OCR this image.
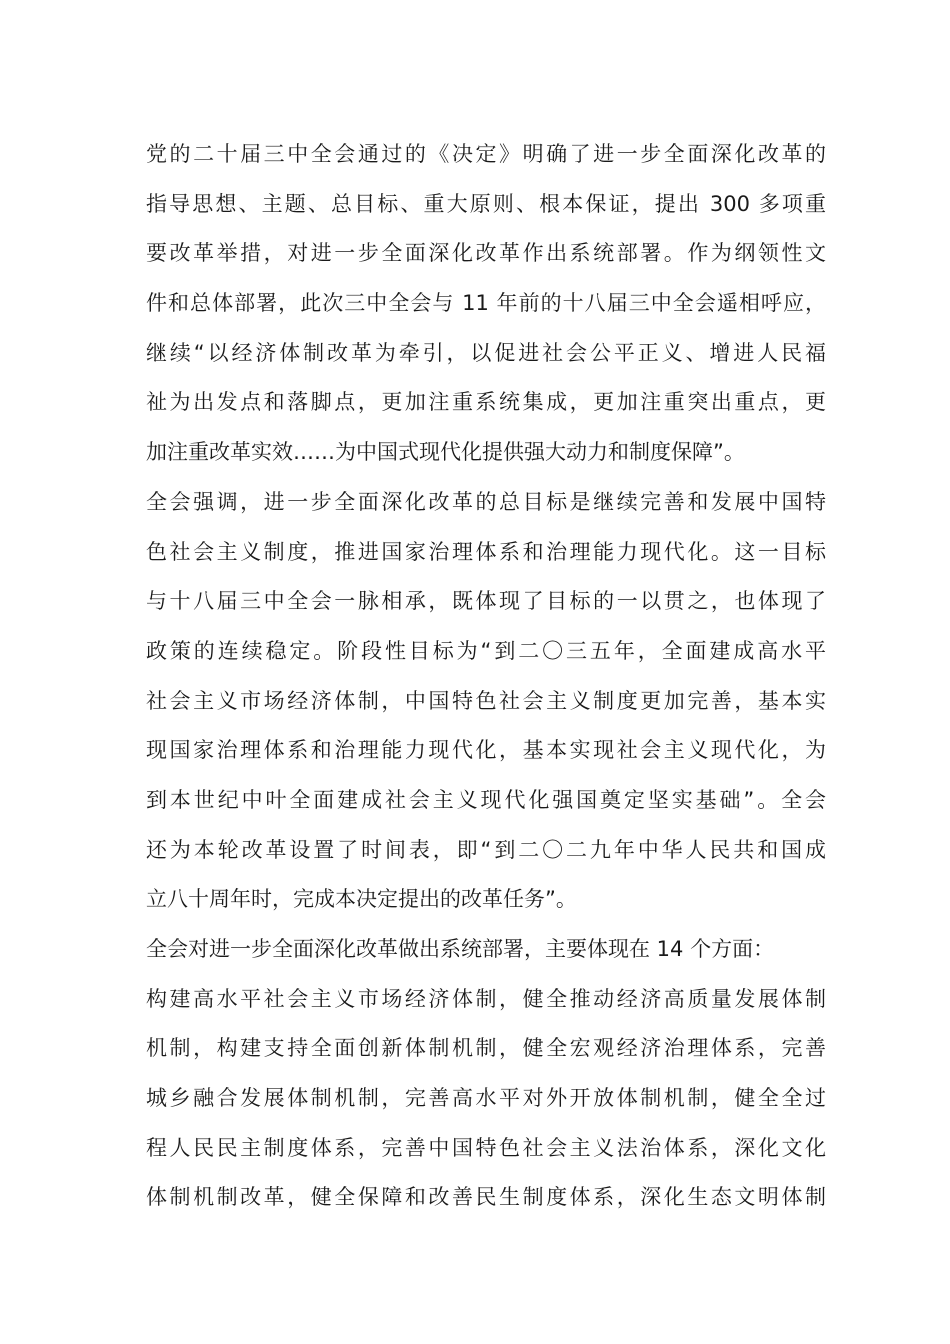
党的二十届三中全会通过的《决定》明确了进一步全面深化改革的
指导思想、主题、总目标、重大原则、根本保证，提出 300 多项重
要改革举措，对进一步全面深化改革作出系统部署。作为纲领性文
件和总体部署，此次三中全会与 11 年前的十八届三中全会遥相呼应，
继续“以经济体制改革为牵引，以促进社会公平正义、增进人民福
祉为出发点和落脚点，更加注重系统集成，更加注重突出重点，更
加注重改革实效……为中国式现代化提供强大动力和制度保障”。
全会强调，进一步全面深化改革的总目标是继续完善和发展中国特
色社会主义制度，推进国家治理体系和治理能力现代化。这一目标
与十八届三中全会一脉相承，既体现了目标的一以贯之，也体现了
政策的连续稳定。阶段性目标为“到二〇三五年，全面建成高水平
社会主义市场经济体制，中国特色社会主义制度更加完善，基本实
现国家治理体系和治理能力现代化，基本实现社会主义现代化，为
到本世纪中叶全面建成社会主义现代化强国奠定坚实基础”。全会
还为本轮改革设置了时间表，即“到二〇二九年中华人民共和国成
立八十周年时，完成本决定提出的改革任务”。
全会对进一步全面深化改革做出系统部署，主要体现在 14 个方面：
构建高水平社会主义市场经济体制，健全推动经济高质量发展体制
机制，构建支持全面创新体制机制，健全宏观经济治理体系，完善
城乡融合发展体制机制，完善高水平对外开放体制机制，健全全过
程人民民主制度体系，完善中国特色社会主义法治体系，深化文化
体制机制改革，健全保障和改善民生制度体系，深化生态文明体制
